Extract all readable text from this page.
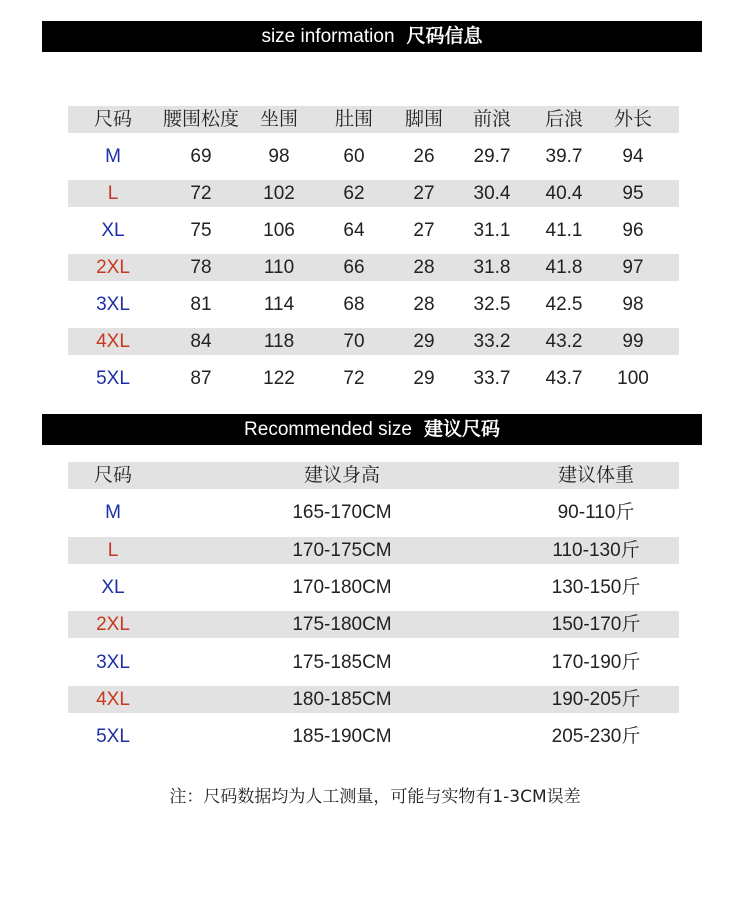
size information 尺码信息
尺码 腰围松度 坐围 肚围 脚围 前浪 后浪 外长
M	69	98	60	26 29.7 39.7 94
L	72	102	62	27 30.4 40.4 95
XL	75	106	64	27 31.1 41.1 96
2XL	78	110	66	28 31.8 41.8 97
3XL	81	114	68	28 32.5 42.5 98
4XL	84	118	70	29 33.2 43.2 99
5XL	87	122	72	29 33.7 43.7 100
Recommended size 建议尺码
尺码	建议身高	建议体重
M	165-170CM	90-110斤
L	170-175CM	110-130斤
XL	170-180CM	130-150斤
2XL	175-180CM	150-170斤
3XL	175-185CM	170-190斤
4XL	180-185CM	190-205斤
5XL	185-190CM	205-230斤
注：尺码数据均为人工测量，可能与实物有1-3CM误差
